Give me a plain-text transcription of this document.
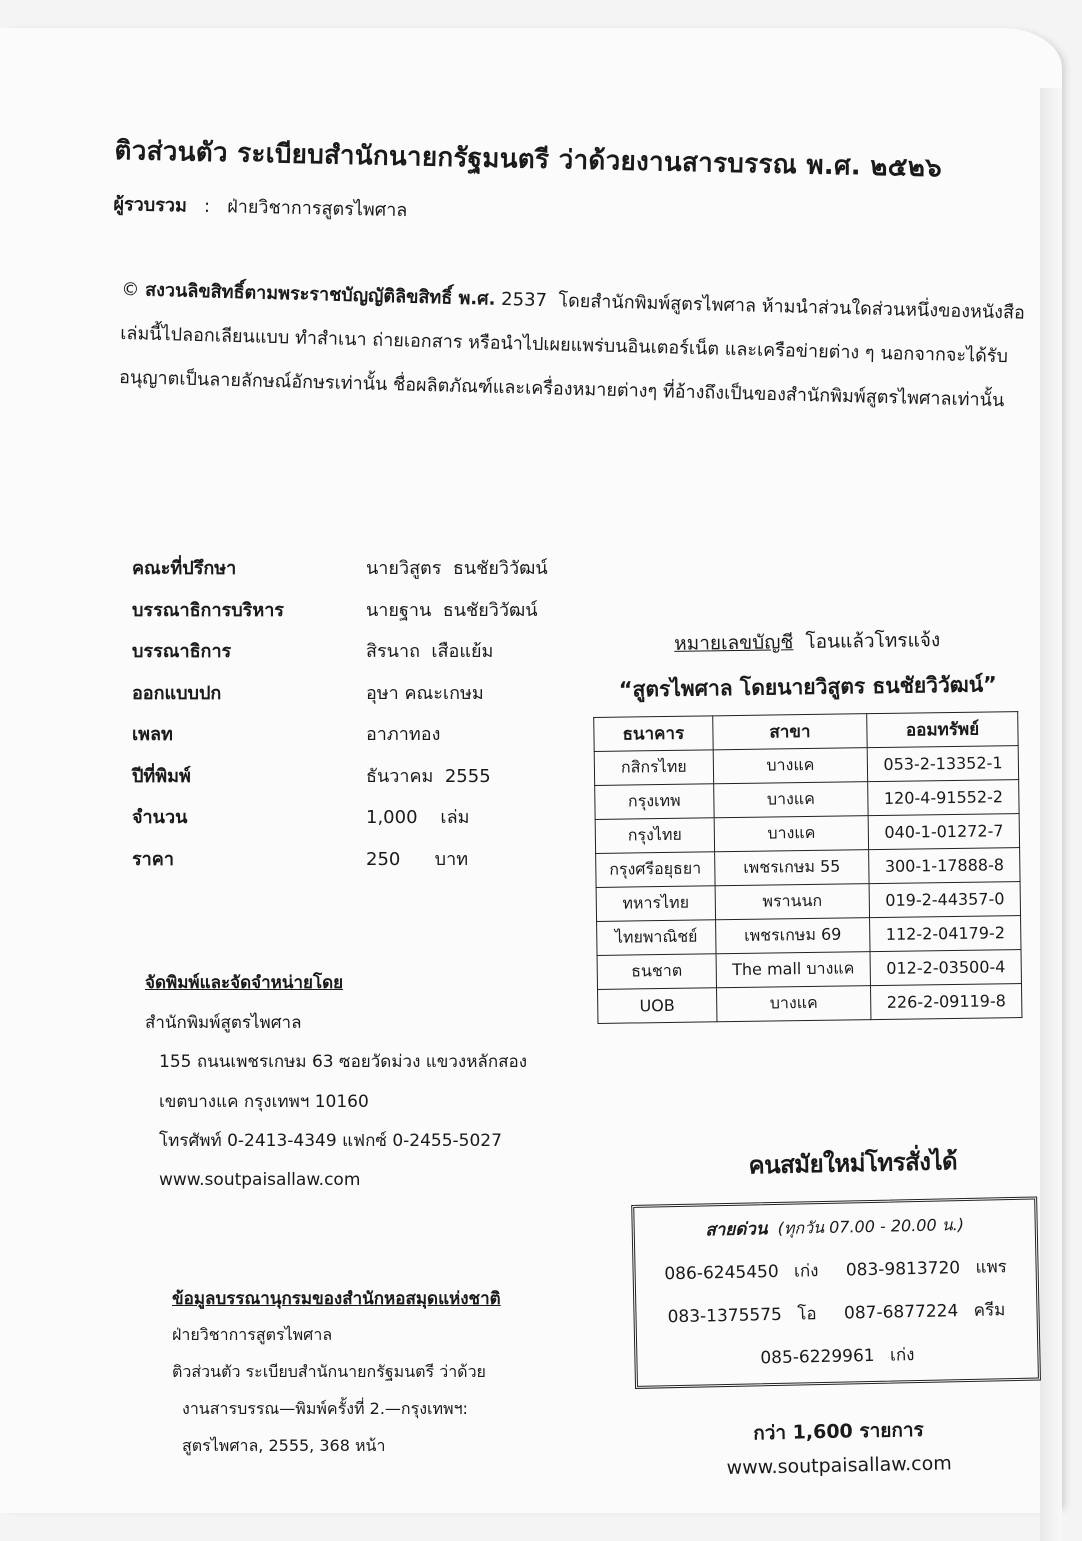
ติวส่วนตัว ระเบียบสำนักนายกรัฐมนตรี ว่าด้วยงานสารบรรณ พ.ศ. ๒๕๒๖
ผู้รวบรวม : ฝ่ายวิชาการสูตรไพศาล
© สงวนลิขสิทธิ์ตามพระราชบัญญัติลิขสิทธิ์ พ.ศ. 2537 โดยสำนักพิมพ์สูตรไพศาล ห้ามนำส่วนใดส่วนหนึ่งของหนังสือเล่มนี้ไปลอกเลียนแบบ ทำสำเนา ถ่ายเอกสาร หรือนำไปเผยแพร่บนอินเตอร์เน็ต และเครือข่ายต่าง ๆ นอกจากจะได้รับอนุญาตเป็นลายลักษณ์อักษรเท่านั้น ชื่อผลิตภัณฑ์และเครื่องหมายต่างๆ ที่อ้างถึงเป็นของสำนักพิมพ์สูตรไพศาลเท่านั้น
คณะที่ปรึกษา	นายวิสูตร  ธนชัยวิวัฒน์
บรรณาธิการบริหาร	นายฐาน  ธนชัยวิวัฒน์
บรรณาธิการ	สิรนาถ  เสือแย้ม
ออกแบบปก	อุษา คณะเกษม
เพลท	อาภาทอง
ปีที่พิมพ์	ธันวาคม  2555
จำนวน	1,000    เล่ม
ราคา	250      บาท
หมายเลขบัญชี โอนแล้วโทรแจ้ง
“สูตรไพศาล โดยนายวิสูตร ธนชัยวิวัฒน์”
ธนาคาร	สาขา	ออมทรัพย์
กสิกรไทย	บางแค	053-2-13352-1
กรุงเทพ	บางแค	120-4-91552-2
กรุงไทย	บางแค	040-1-01272-7
กรุงศรีอยุธยา	เพชรเกษม 55	300-1-17888-8
ทหารไทย	พรานนก	019-2-44357-0
ไทยพาณิชย์	เพชรเกษม 69	112-2-04179-2
ธนชาต	The mall บางแค	012-2-03500-4
UOB	บางแค	226-2-09119-8
จัดพิมพ์และจัดจำหน่ายโดย
สำนักพิมพ์สูตรไพศาล
155 ถนนเพชรเกษม 63 ซอยวัดม่วง แขวงหลักสอง
เขตบางแค กรุงเทพฯ 10160
โทรศัพท์ 0-2413-4349 แฟกซ์ 0-2455-5027
www.soutpaisallaw.com
ข้อมูลบรรณานุกรมของสำนักหอสมุดแห่งชาติ
ฝ่ายวิชาการสูตรไพศาล
ติวส่วนตัว ระเบียบสำนักนายกรัฐมนตรี ว่าด้วย
งานสารบรรณ—พิมพ์ครั้งที่ 2.—กรุงเทพฯ:
สูตรไพศาล, 2555, 368 หน้า
คนสมัยใหม่โทรสั่งได้
สายด่วน (ทุกวัน 07.00 - 20.00 น.)
086-6245450 เก่ง 083-9813720 แพร
083-1375575 โอ 087-6877224 ครีม
085-6229961 เก่ง
กว่า 1,600 รายการ
www.soutpaisallaw.com
